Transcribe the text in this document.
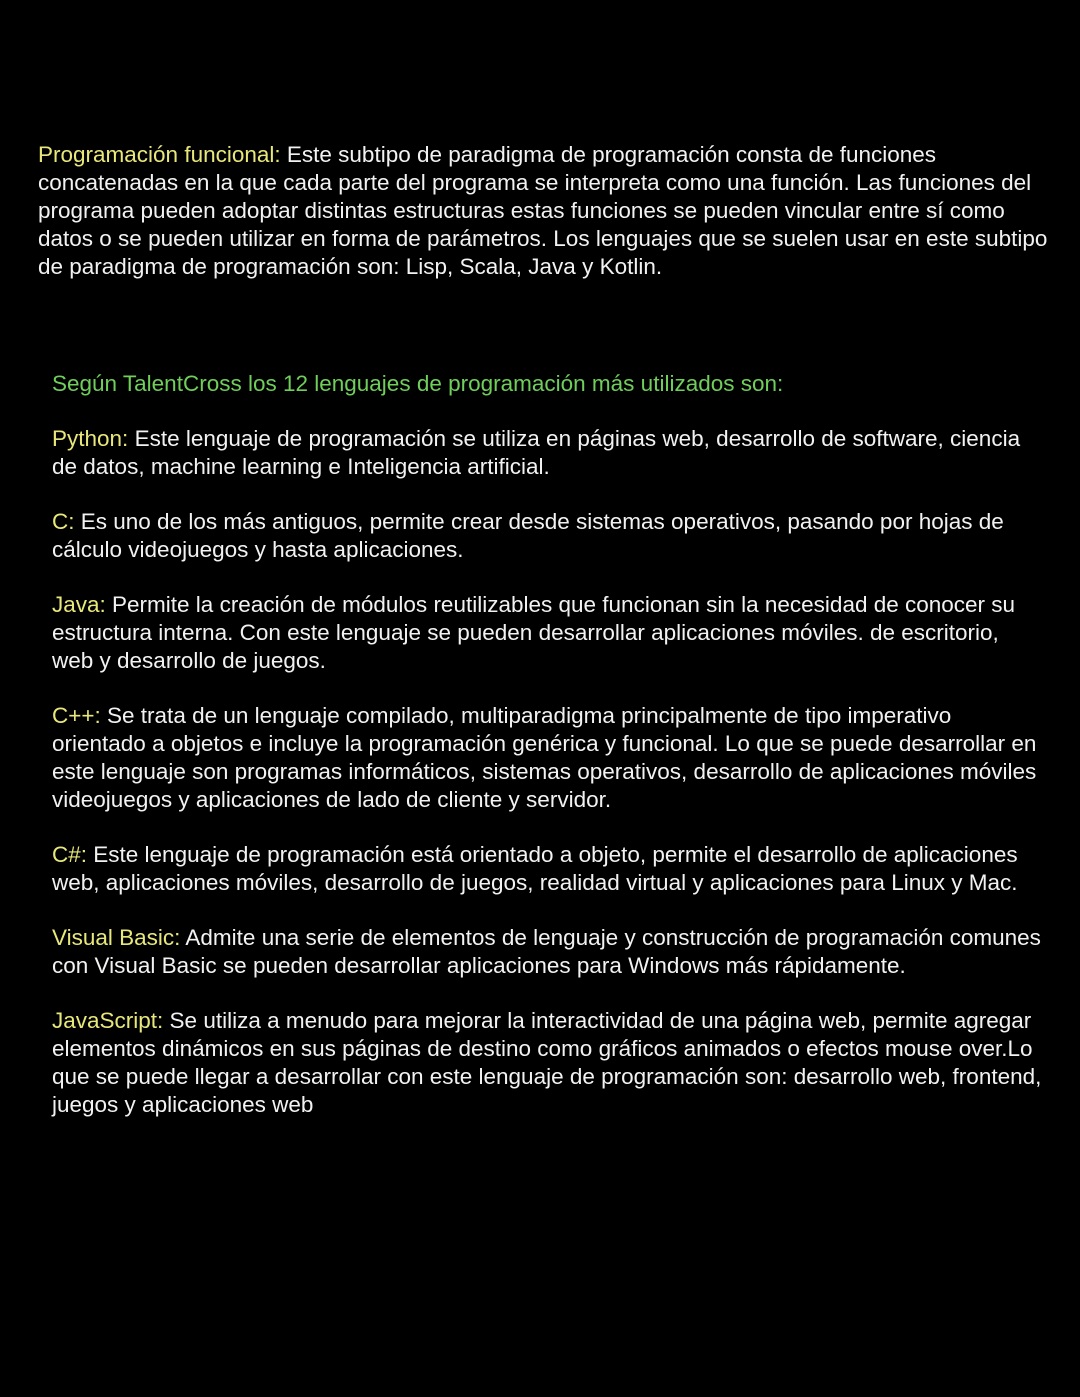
Programación funcional: Este subtipo de paradigma de programación consta de funciones concatenadas en la que cada parte del programa se interpreta como una función. Las funciones del programa pueden adoptar distintas estructuras estas funciones se pueden vincular entre sí como datos o se pueden utilizar en forma de parámetros. Los lenguajes que se suelen usar en este subtipo de paradigma de programación son: Lisp, Scala, Java y Kotlin.

Según TalentCross los 12 lenguajes de programación más utilizados son:

Python: Este lenguaje de programación se utiliza en páginas web, desarrollo de software, ciencia de datos, machine learning e Inteligencia artificial.

C: Es uno de los más antiguos, permite crear desde sistemas operativos, pasando por hojas de cálculo videojuegos y hasta aplicaciones.

Java: Permite la creación de módulos reutilizables que funcionan sin la necesidad de conocer su estructura interna. Con este lenguaje se pueden desarrollar aplicaciones móviles. de escritorio, web y desarrollo de juegos.

C++: Se trata de un lenguaje compilado, multiparadigma principalmente de tipo imperativo orientado a objetos e incluye la programación genérica y funcional. Lo que se puede desarrollar en este lenguaje son programas informáticos, sistemas operativos, desarrollo de aplicaciones móviles videojuegos y aplicaciones de lado de cliente y servidor.

C#: Este lenguaje de programación está orientado a objeto, permite el desarrollo de aplicaciones web, aplicaciones móviles, desarrollo de juegos, realidad virtual y aplicaciones para Linux y Mac.

Visual Basic: Admite una serie de elementos de lenguaje y construcción de programación comunes con Visual Basic se pueden desarrollar aplicaciones para Windows más rápidamente.

JavaScript: Se utiliza a menudo para mejorar la interactividad de una página web, permite agregar elementos dinámicos en sus páginas de destino como gráficos animados o efectos mouse over.Lo que se puede llegar a desarrollar con este lenguaje de programación son: desarrollo web, frontend, juegos y aplicaciones web
